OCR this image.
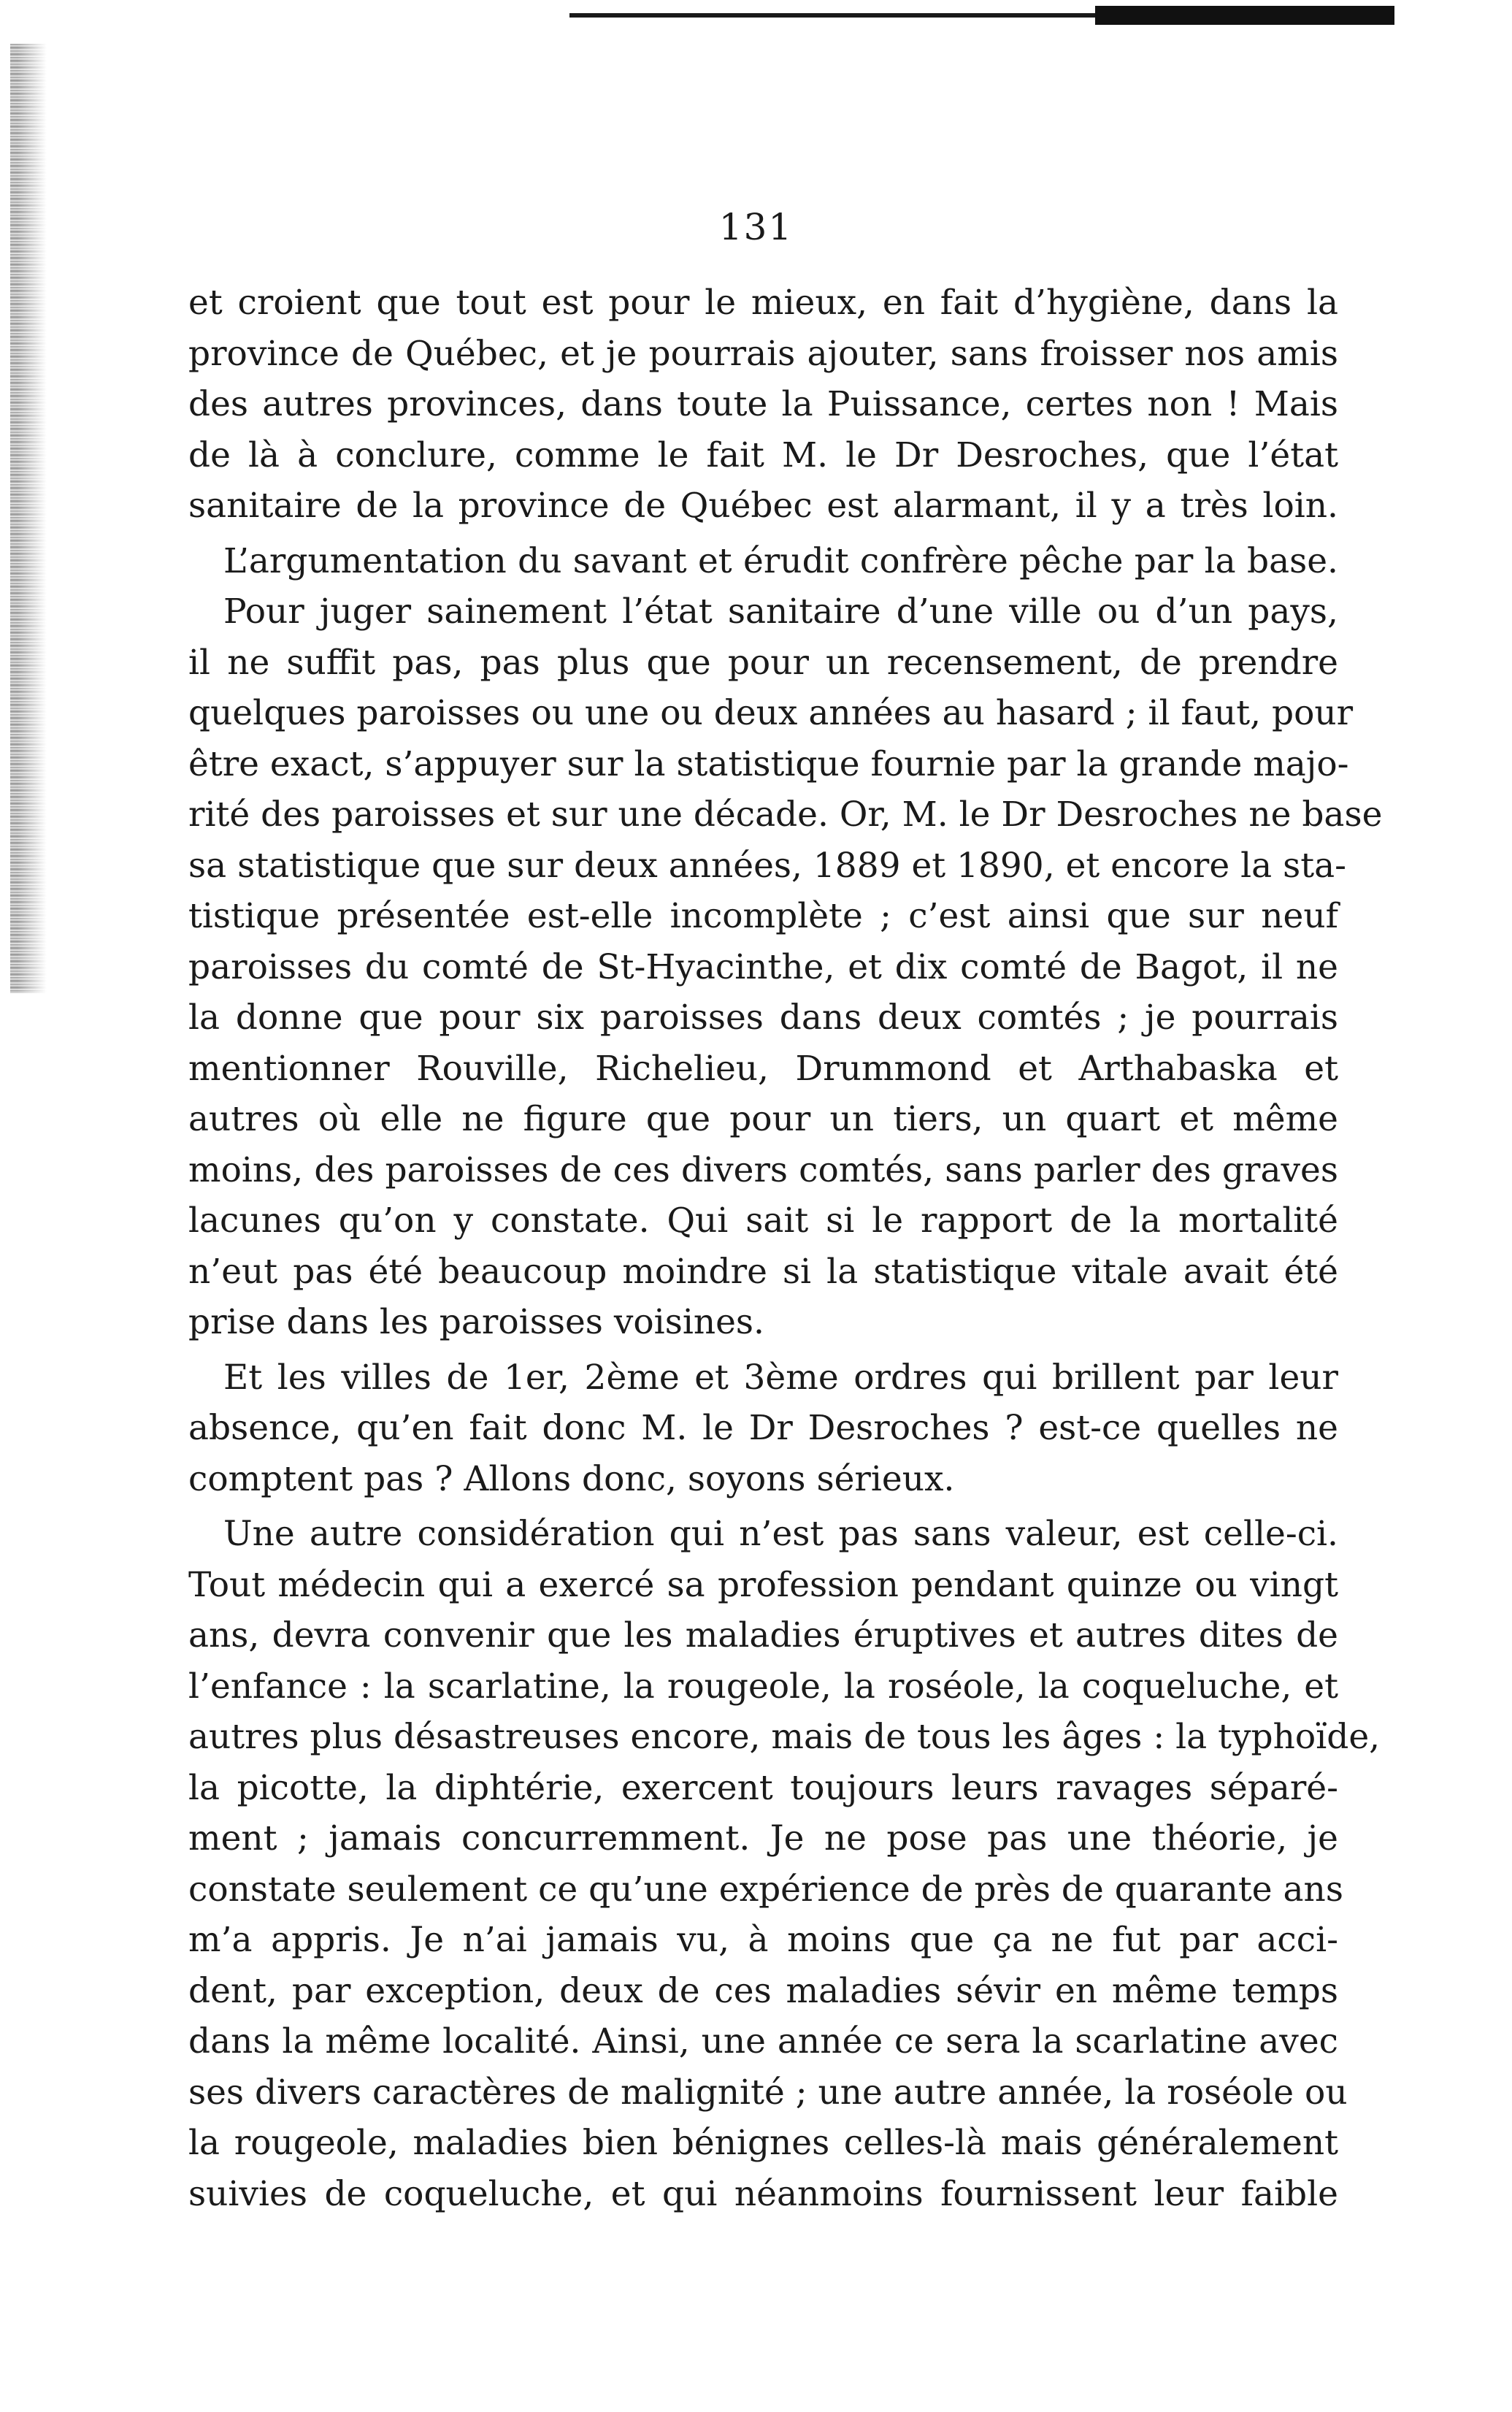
131
et croient que tout est pour le mieux, en fait d’hygiène, dans la
province de Québec, et je pourrais ajouter, sans froisser nos amis
des autres provinces, dans toute la Puissance, certes non ! Mais
de là à conclure, comme le fait M. le Dr Desroches, que l’état
sanitaire de la province de Québec est alarmant, il y a très loin.
L’argumentation du savant et érudit confrère pêche par la base.
Pour juger sainement l’état sanitaire d’une ville ou d’un pays,
il ne suffit pas, pas plus que pour un recensement, de prendre
quelques paroisses ou une ou deux années au hasard ; il faut, pour
être exact, s’appuyer sur la statistique fournie par la grande majo-
rité des paroisses et sur une décade. Or, M. le Dr Desroches ne base
sa statistique que sur deux années, 1889 et 1890, et encore la sta-
tistique présentée est-elle incomplète ; c’est ainsi que sur neuf
paroisses du comté de St-Hyacinthe, et dix comté de Bagot, il ne
la donne que pour six paroisses dans deux comtés ; je pourrais
mentionner Rouville, Richelieu, Drummond et Arthabaska et
autres où elle ne figure que pour un tiers, un quart et même
moins, des paroisses de ces divers comtés, sans parler des graves
lacunes qu’on y constate. Qui sait si le rapport de la mortalité
n’eut pas été beaucoup moindre si la statistique vitale avait été
prise dans les paroisses voisines.
Et les villes de 1er, 2ème et 3ème ordres qui brillent par leur
absence, qu’en fait donc M. le Dr Desroches ? est-ce quelles ne
comptent pas ? Allons donc, soyons sérieux.
Une autre considération qui n’est pas sans valeur, est celle-ci.
Tout médecin qui a exercé sa profession pendant quinze ou vingt
ans, devra convenir que les maladies éruptives et autres dites de
l’enfance : la scarlatine, la rougeole, la roséole, la coqueluche, et
autres plus désastreuses encore, mais de tous les âges : la typhoïde,
la picotte, la diphtérie, exercent toujours leurs ravages séparé-
ment ; jamais concurremment. Je ne pose pas une théorie, je
constate seulement ce qu’une expérience de près de quarante ans
m’a appris. Je n’ai jamais vu, à moins que ça ne fut par acci-
dent, par exception, deux de ces maladies sévir en même temps
dans la même localité. Ainsi, une année ce sera la scarlatine avec
ses divers caractères de malignité ; une autre année, la roséole ou
la rougeole, maladies bien bénignes celles-là mais généralement
suivies de coqueluche, et qui néanmoins fournissent leur faible
